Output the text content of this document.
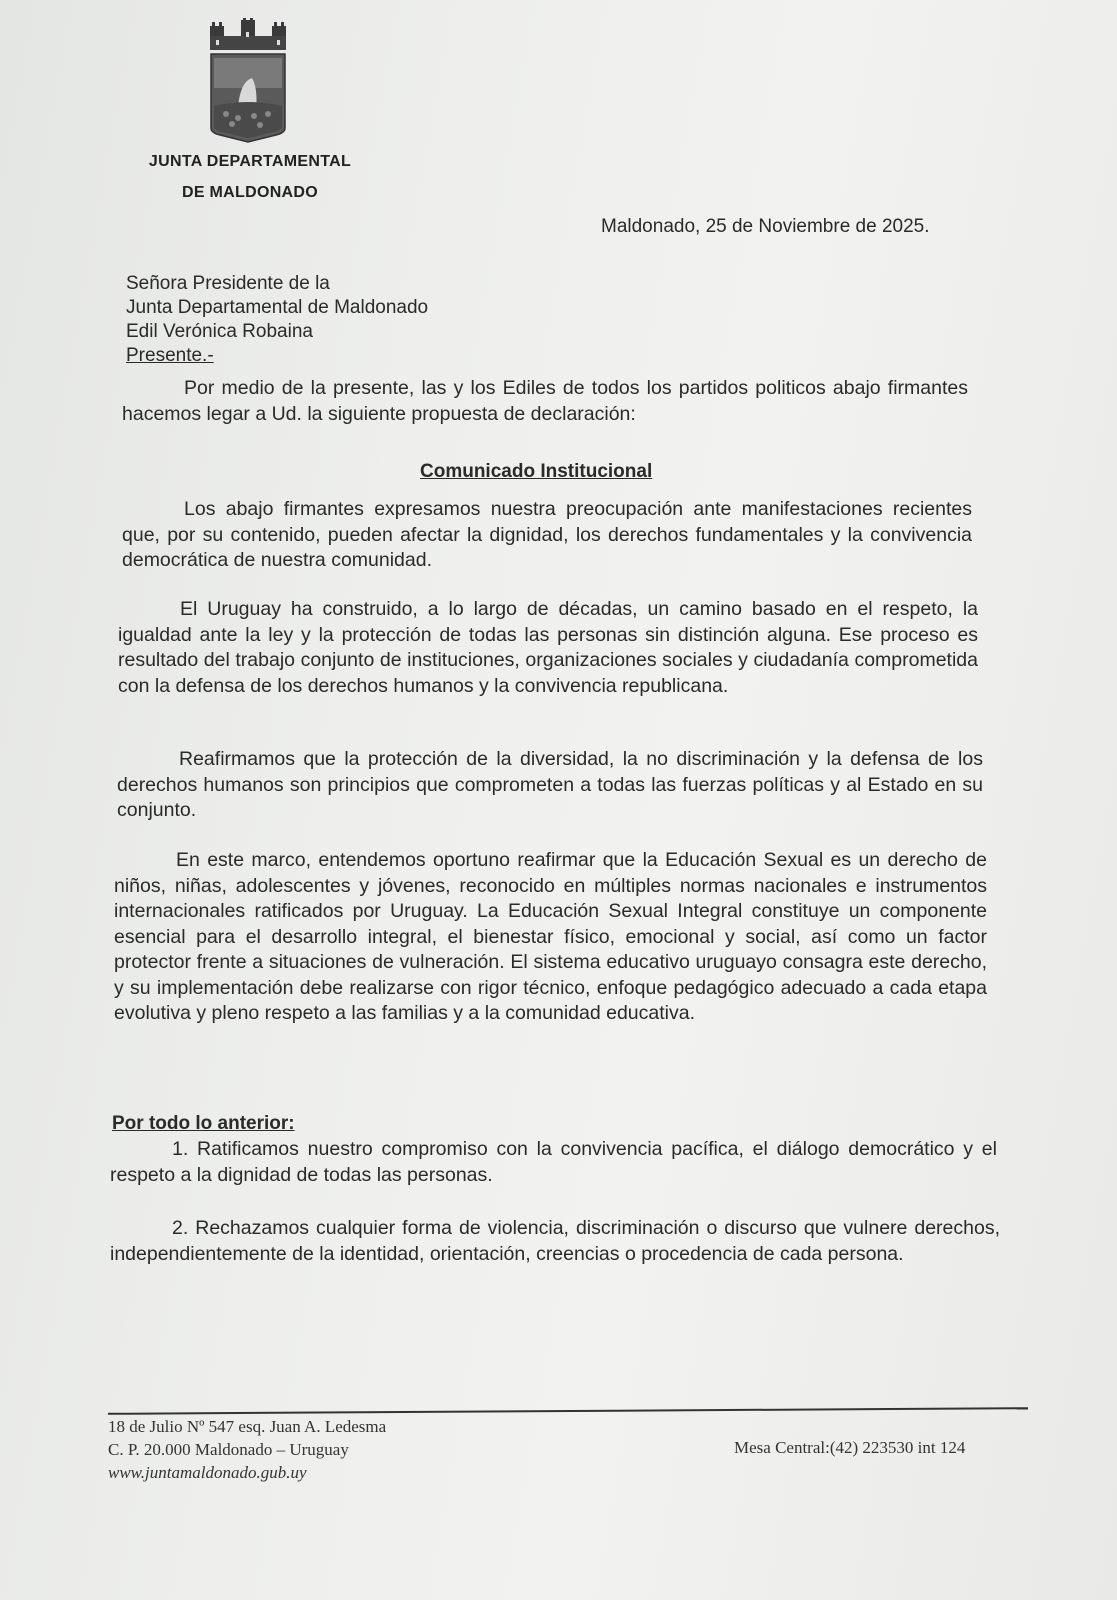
JUNTA DEPARTAMENTAL
DE MALDONADO
Maldonado, 25 de Noviembre de 2025.
Señora Presidente de la
Junta Departamental de Maldonado
Edil Verónica Robaina
Presente.-
Por medio de la presente, las y los Ediles de todos los partidos politicos abajo firmantes hacemos legar a Ud. la siguiente propuesta de declaración:
Comunicado Institucional
Los abajo firmantes expresamos nuestra preocupación ante manifestaciones recientes que, por su contenido, pueden afectar la dignidad, los derechos fundamentales y la convivencia democrática de nuestra comunidad.
El Uruguay ha construido, a lo largo de décadas, un camino basado en el respeto, la igualdad ante la ley y la protección de todas las personas sin distinción alguna. Ese proceso es resultado del trabajo conjunto de instituciones, organizaciones sociales y ciudadanía comprometida con la defensa de los derechos humanos y la convivencia republicana.
Reafirmamos que la protección de la diversidad, la no discriminación y la defensa de los derechos humanos son principios que comprometen a todas las fuerzas políticas y al Estado en su conjunto.
En este marco, entendemos oportuno reafirmar que la Educación Sexual es un derecho de niños, niñas, adolescentes y jóvenes, reconocido en múltiples normas nacionales e instrumentos internacionales ratificados por Uruguay. La Educación Sexual Integral constituye un componente esencial para el desarrollo integral, el bienestar físico, emocional y social, así como un factor protector frente a situaciones de vulneración. El sistema educativo uruguayo consagra este derecho, y su implementación debe realizarse con rigor técnico, enfoque pedagógico adecuado a cada etapa evolutiva y pleno respeto a las familias y a la comunidad educativa.
Por todo lo anterior:
1. Ratificamos nuestro compromiso con la convivencia pacífica, el diálogo democrático y el respeto a la dignidad de todas las personas.
2. Rechazamos cualquier forma de violencia, discriminación o discurso que vulnere derechos, independientemente de la identidad, orientación, creencias o procedencia de cada persona.
18 de Julio Nº 547 esq. Juan A. Ledesma
C. P. 20.000 Maldonado – Uruguay
www.juntamaldonado.gub.uy
Mesa Central:(42) 223530 int 124
